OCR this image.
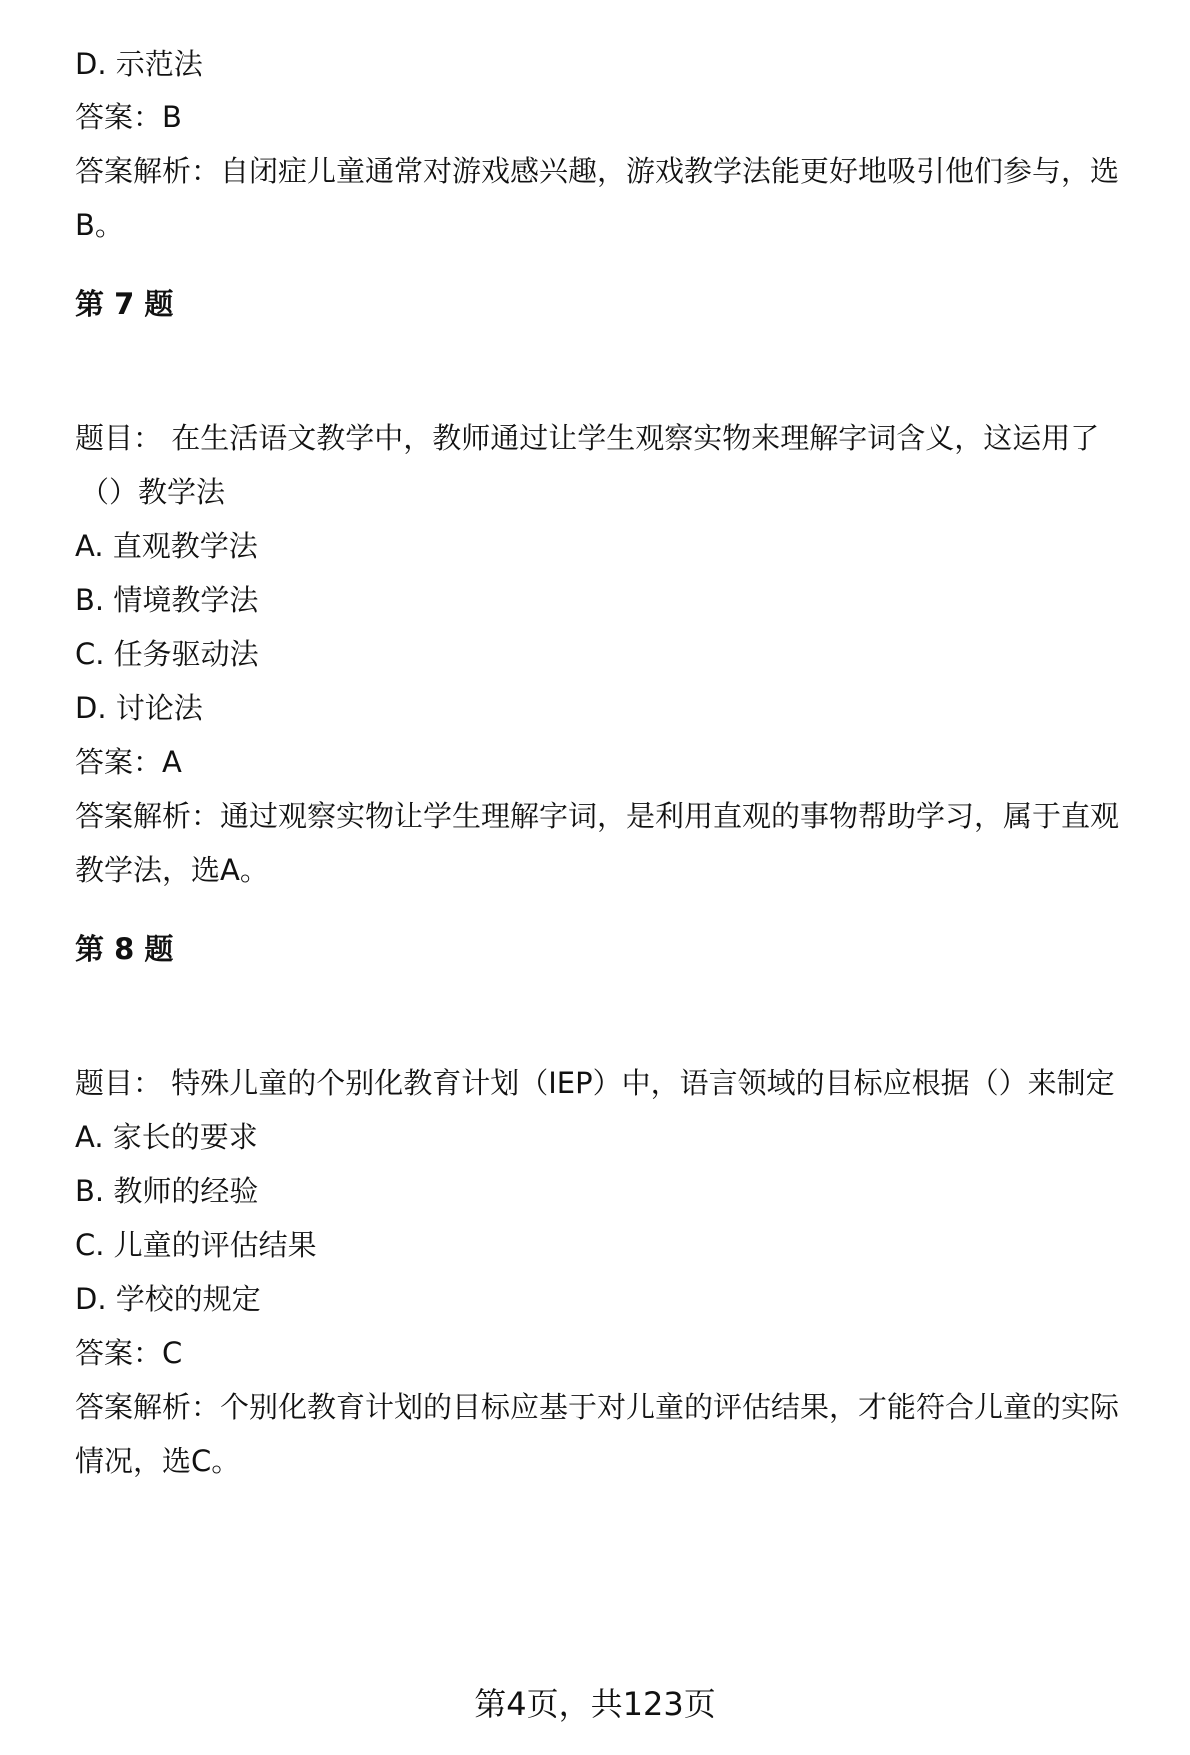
D. 示范法
答案：B
答案解析：自闭症儿童通常对游戏感兴趣，游戏教学法能更好地吸引他们参与，选
B。
第 7 题
题目： 在生活语文教学中，教师通过让学生观察实物来理解字词含义，这运用了
（）教学法
A. 直观教学法
B. 情境教学法
C. 任务驱动法
D. 讨论法
答案：A
答案解析：通过观察实物让学生理解字词，是利用直观的事物帮助学习，属于直观
教学法，选A。
第 8 题
题目： 特殊儿童的个别化教育计划（IEP）中，语言领域的目标应根据（）来制定
A. 家长的要求
B. 教师的经验
C. 儿童的评估结果
D. 学校的规定
答案：C
答案解析：个别化教育计划的目标应基于对儿童的评估结果，才能符合儿童的实际
情况，选C。
第4页，共123页
